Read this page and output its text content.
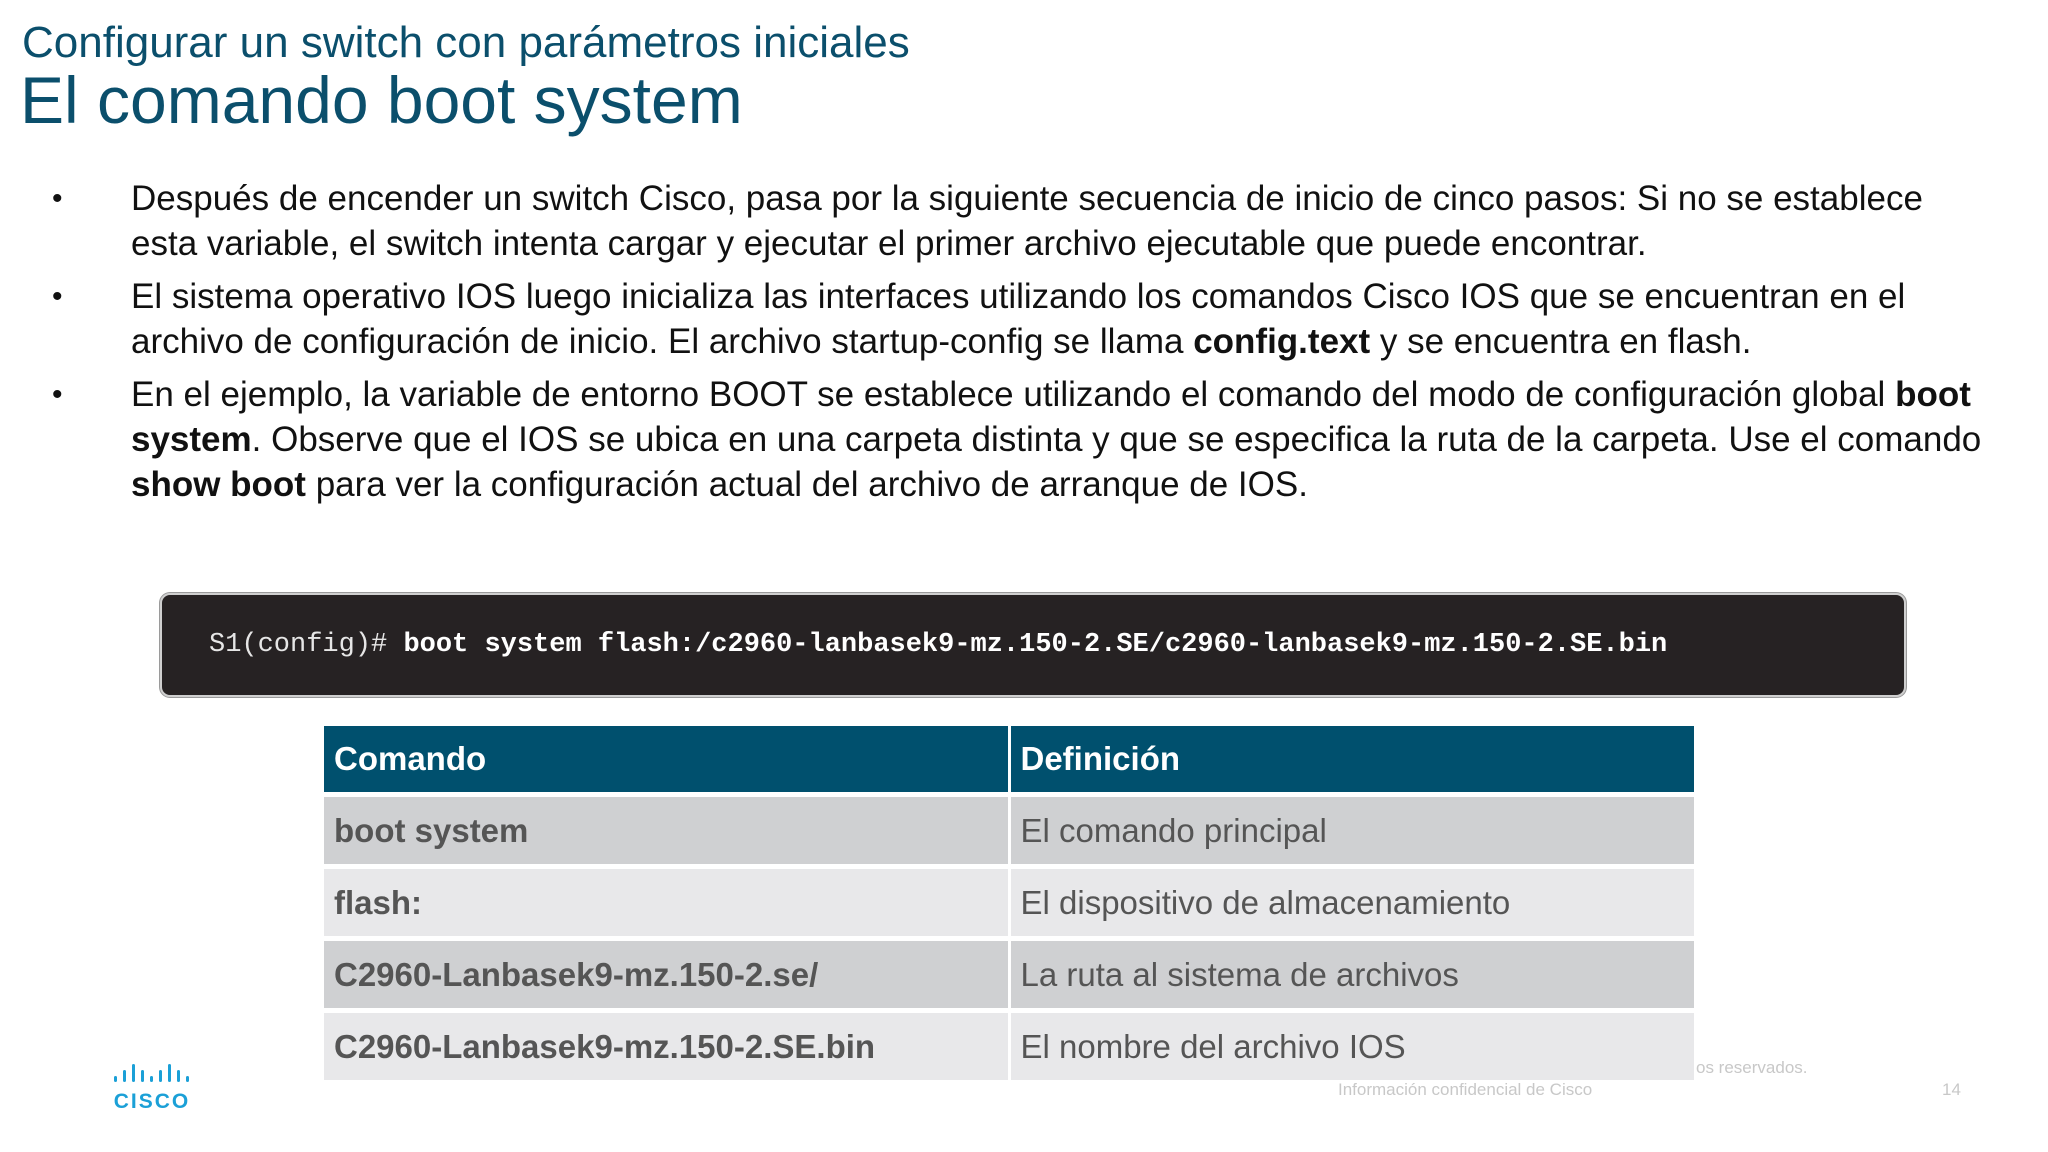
Configurar un switch con parámetros iniciales
El comando boot system
• Después de encender un switch Cisco, pasa por la siguiente secuencia de inicio de cinco pasos: Si no se establece esta variable, el switch intenta cargar y ejecutar el primer archivo ejecutable que puede encontrar.
• El sistema operativo IOS luego inicializa las interfaces utilizando los comandos Cisco IOS que se encuentran en el archivo de configuración de inicio. El archivo startup-config se llama config.text y se encuentra en flash.
• En el ejemplo, la variable de entorno BOOT se establece utilizando el comando del modo de configuración global boot system. Observe que el IOS se ubica en una carpeta distinta y que se especifica la ruta de la carpeta. Use el comando show boot para ver la configuración actual del archivo de arranque de IOS.
S1(config)# boot system flash:/c2960-lanbasek9-mz.150-2.SE/c2960-lanbasek9-mz.150-2.SE.bin
Comando	Definición
boot system	El comando principal
flash:	El dispositivo de almacenamiento
C2960-Lanbasek9-mz.150-2.se/	La ruta al sistema de archivos
C2960-Lanbasek9-mz.150-2.SE.bin	El nombre del archivo IOS
CISCO
os reservados.
Información confidencial de Cisco	14
